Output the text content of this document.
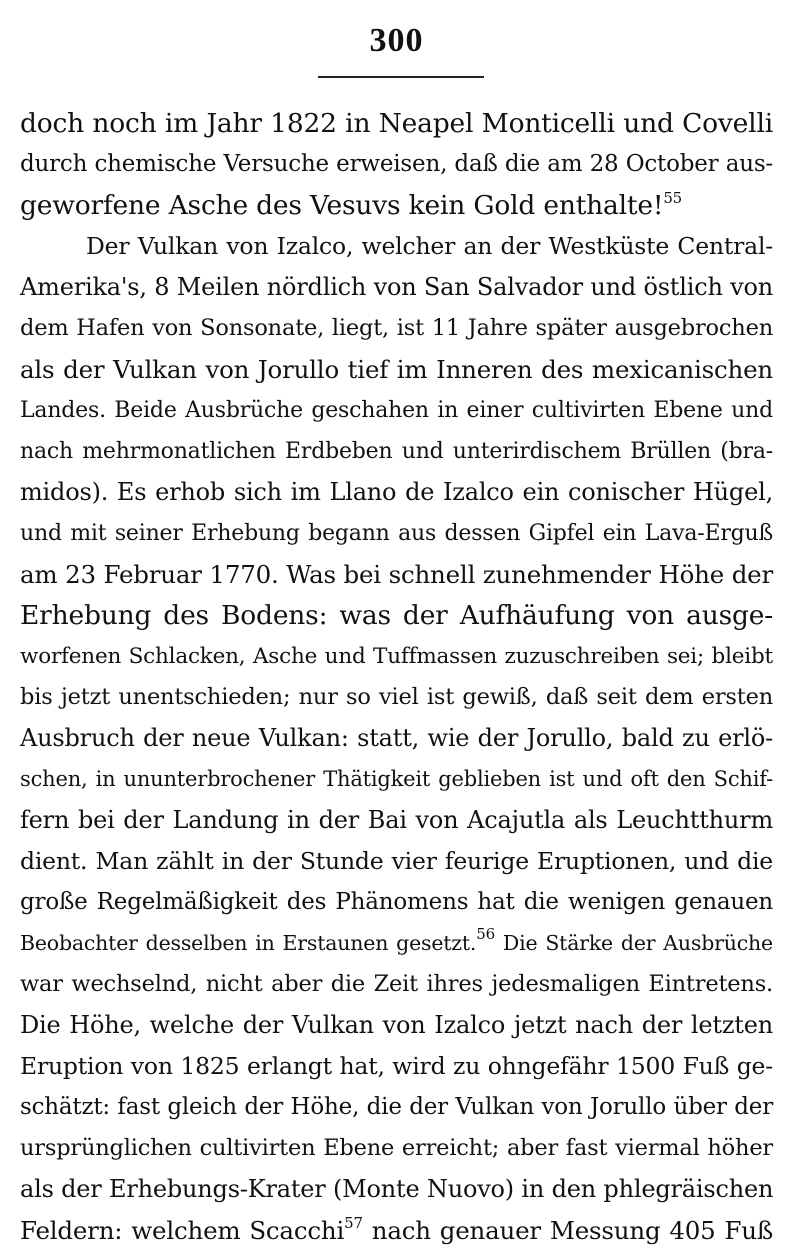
300
doch noch im Jahr 1822 in Neapel Monticelli und Covelli
durch chemische Versuche erweisen, daß die am 28 October aus-
geworfene Asche des Vesuvs kein Gold enthalte!$^{55}$
Der Vulkan von Izalco, welcher an der Westküste Central-
Amerika's, 8 Meilen nördlich von San Salvador und östlich von
dem Hafen von Sonsonate, liegt, ist 11 Jahre später ausgebrochen
als der Vulkan von Jorullo tief im Inneren des mexicanischen
Landes. Beide Ausbrüche geschahen in einer cultivirten Ebene und
nach mehrmonatlichen Erdbeben und unterirdischem Brüllen (bra-
midos). Es erhob sich im Llano de Izalco ein conischer Hügel,
und mit seiner Erhebung begann aus dessen Gipfel ein Lava-Erguß
am 23 Februar 1770. Was bei schnell zunehmender Höhe der
Erhebung des Bodens: was der Aufhäufung von ausge-
worfenen Schlacken, Asche und Tuffmassen zuzuschreiben sei; bleibt
bis jetzt unentschieden; nur so viel ist gewiß, daß seit dem ersten
Ausbruch der neue Vulkan: statt, wie der Jorullo, bald zu erlö-
schen, in ununterbrochener Thätigkeit geblieben ist und oft den Schif-
fern bei der Landung in der Bai von Acajutla als Leuchtthurm
dient. Man zählt in der Stunde vier feurige Eruptionen, und die
große Regelmäßigkeit des Phänomens hat die wenigen genauen
Beobachter desselben in Erstaunen gesetzt.$^{56}$ Die Stärke der Ausbrüche
war wechselnd, nicht aber die Zeit ihres jedesmaligen Eintretens.
Die Höhe, welche der Vulkan von Izalco jetzt nach der letzten
Eruption von 1825 erlangt hat, wird zu ohngefähr 1500 Fuß ge-
schätzt: fast gleich der Höhe, die der Vulkan von Jorullo über der
ursprünglichen cultivirten Ebene erreicht; aber fast viermal höher
als der Erhebungs-Krater (Monte Nuovo) in den phlegräischen
Feldern: welchem Scacchi$^{57}$ nach genauer Messung 405 Fuß
